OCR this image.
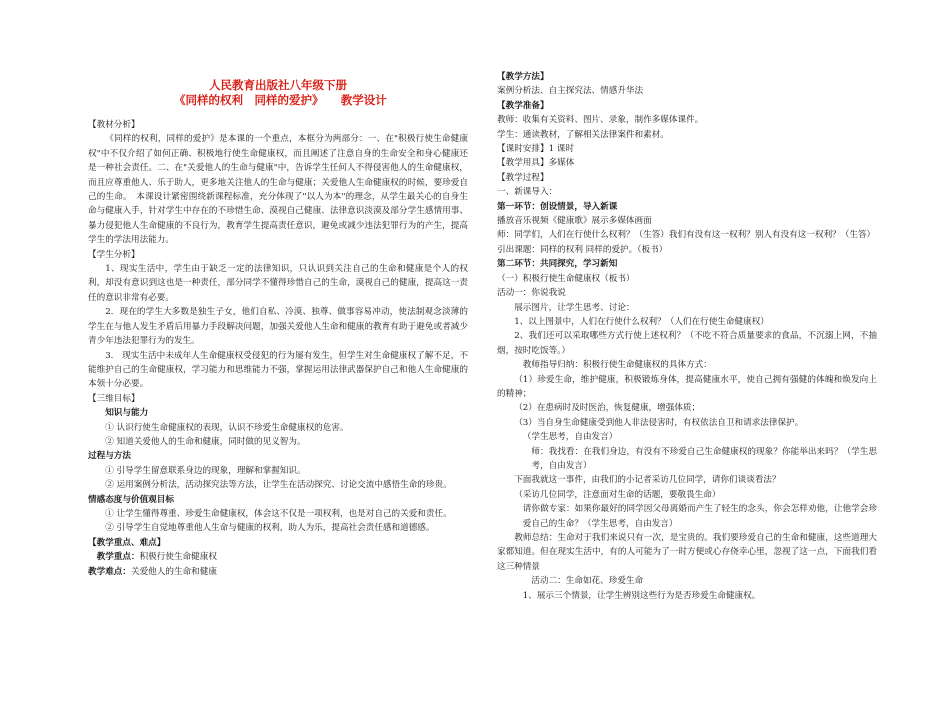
人民教育出版社八年级下册

《同样的权利　同样的爱护》　　教学设计

【教材分析】

《同样的权利，同样的爱护》是本课的一个重点，本框分为两部分：一、在"积极行使生命健康权"中不仅介绍了如何正确、积极地行使生命健康权，而且阐述了注意自身的生命安全和身心健康还是一种社会责任。二、在"关爱他人的生命与健康"中，告诉学生任何人不得侵害他人的生命健康权，而且应尊重他人、乐于助人，更多地关注他人的生命与健康；关爱他人生命健康权的时候，要珍爱自己的生命。　本课设计紧密围绕新课程标准，充分体现了"以人为本"的理念，从学生最关心的自身生命与健康入手，针对学生中存在的不珍惜生命、漠视自己健康、法律意识淡漠及部分学生感情用事、暴力侵犯他人生命健康的不良行为，教育学生提高责任意识，避免或减少违法犯罪行为的产生，提高学生的学法用法能力。

【学生分析】

1、现实生活中，学生由于缺乏一定的法律知识，只认识到关注自己的生命和健康是个人的权利，却没有意识到这也是一种责任，部分同学不懂得珍惜自己的生命，漠视自己的健康，提高这一责任的意识非常有必要。

2．现在的学生大多数是独生子女，他们自私、冷漠、独尊、做事容易冲动，使法制观念淡薄的学生在与他人发生矛盾后用暴力手段解决问题，加强关爱他人生命和健康的教育有助于避免或者减少青少年违法犯罪行为的发生。

3.　现实生活中未成年人生命健康权受侵犯的行为屡有发生，但学生对生命健康权了解不足，不能维护自己的生命健康权，学习能力和思维能力不强，掌握运用法律武器保护自己和他人生命健康的本领十分必要。

【三维目标】

知识与能力

① 认识行使生命健康权的表现，认识不珍爱生命健康权的危害。

② 知道关爱他人的生命和健康，同时做的见义智为。

过程与方法

① 引导学生留意联系身边的现象，理解和掌握知识。

② 运用案例分析法，活动探究法等方法，让学生在活动探究、讨论交流中感悟生命的珍贵。

情感态度与价值观目标

① 让学生懂得尊重、珍爱生命健康权，体会这不仅是一项权利，也是对自己的关爱和责任。

② 引导学生自觉地尊重他人生命与健康的权利，助人为乐，提高社会责任感和道德感。

【教学重点、难点】

教学重点：积极行使生命健康权

教学难点：关爱他人的生命和健康

【教学方法】

案例分析法、自主探究法、情感升华法

【教学准备】

教师：收集有关资料、图片、录象，制作多媒体课件。

学生：通读教材，了解相关法律案件和素材。

【课时安排】1 课时

【教学用具】多媒体

【教学过程】

一、新课导入：

第一环节：创设情景，导入新课

播放音乐视频《健康歌》展示多媒体画面

师：同学们，人们在行使什么权利？（生答）我们有没有这一权利？别人有没有这一权利？（生答）

引出课题：同样的权利 同样的爱护。（板书）

第二环节：共同探究，学习新知

（一）积极行使生命健康权（板书）

活动一：你说我说

展示图片，让学生思考、讨论：

1、以上图景中，人们在行使什么权利？（人们在行使生命健康权）

2、我们还可以采取哪些方式行使上述权利？（不吃不符合质量要求的食品，不沉溺上网，不抽烟，按时吃饭等。）

教师指导归纳：积极行使生命健康权的具体方式：

（1）珍爱生命，维护健康，积极锻炼身体，提高健康水平，使自己拥有强健的体魄和焕发向上的精神；

（2）在患病时及时医治，恢复健康，增强体质；

（3）当自身生命健康受到他人非法侵害时，有权依法自卫和请求法律保护。

（学生思考，自由发言）

师：我找看：在我们身边，有没有不珍爱自己生命健康权的现象？你能举出来吗？（学生思考，自由发言）

下面我就这一事件，由我们的小记者采访几位同学，请你们谈谈看法？

（采访几位同学，注意面对生命的话题，要敬畏生命）

请你做专家：如果你最好的同学因父母离婚而产生了轻生的念头，你会怎样劝他，让他学会珍爱自己的生命？（学生思考，自由发言）

教师总结：生命对于我们来说只有一次，是宝贵的。我们要珍爱自己的生命和健康，这些道理大家都知道。但在现实生活中，有的人可能为了一时方便或心存侥幸心里，忽视了这一点，下面我们看这三种情景

活动二：生命如花、珍爱生命

1、展示三个情景，让学生辨别这些行为是否珍爱生命健康权。
